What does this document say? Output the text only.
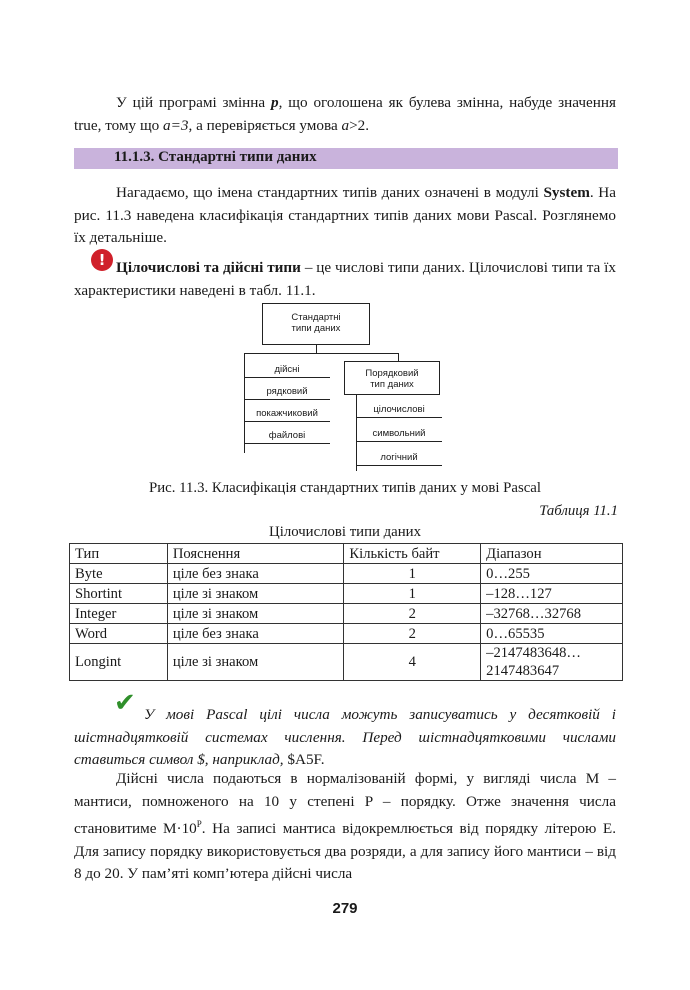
У цій програмі змінна p, що оголошена як булева змінна, набуде значення true, тому що a=3, а перевіряється умова a>2.

11.1.3. Стандартні типи даних

Нагадаємо, що імена стандартних типів даних означені в модулі System. На рис. 11.3 наведена класифікація стандартних типів даних мови Pascal. Розглянемо їх детальніше.

! Цілочислові та дійсні типи – це числові типи даних. Цілочислові типи та їх характеристики наведені в табл. 11.1.

Стандартні
типи даних
дійсні
рядковий
покажчиковий
файлові
Порядковий
тип даних
цілочислові
символьний
логічний
Рис. 11.3. Класифікація стандартних типів даних у мові Pascal
Таблиця 11.1
Цілочислові типи даних
Тип	Пояснення	Кількість байт	Діапазон
Byte	ціле без знака	1	0…255
Shortint	ціле зі знаком	1	–128…127
Integer	ціле зі знаком	2	–32768…32768
Word	ціле без знака	2	0…65535
Longint	ціле зі знаком	4	–2147483648…
2147483647
✔ У мові Pascal цілі числа можуть записуватись у десятковій і шістнадцятковій системах числення. Перед шістнадцятковими числами ставиться символ $, наприклад, $A5F.

Дійсні числа подаються в нормалізованій формі, у вигляді числа M – мантиси, помноженого на 10 у степені P – порядку. Отже значення числа становитиме $M\cdot 10^P$. На записі мантиса відокремлюється від порядку літерою E. Для запису порядку використовується два розряди, а для запису його мантиси – від 8 до 20. У пам’яті комп’ютера дійсні числа

279
